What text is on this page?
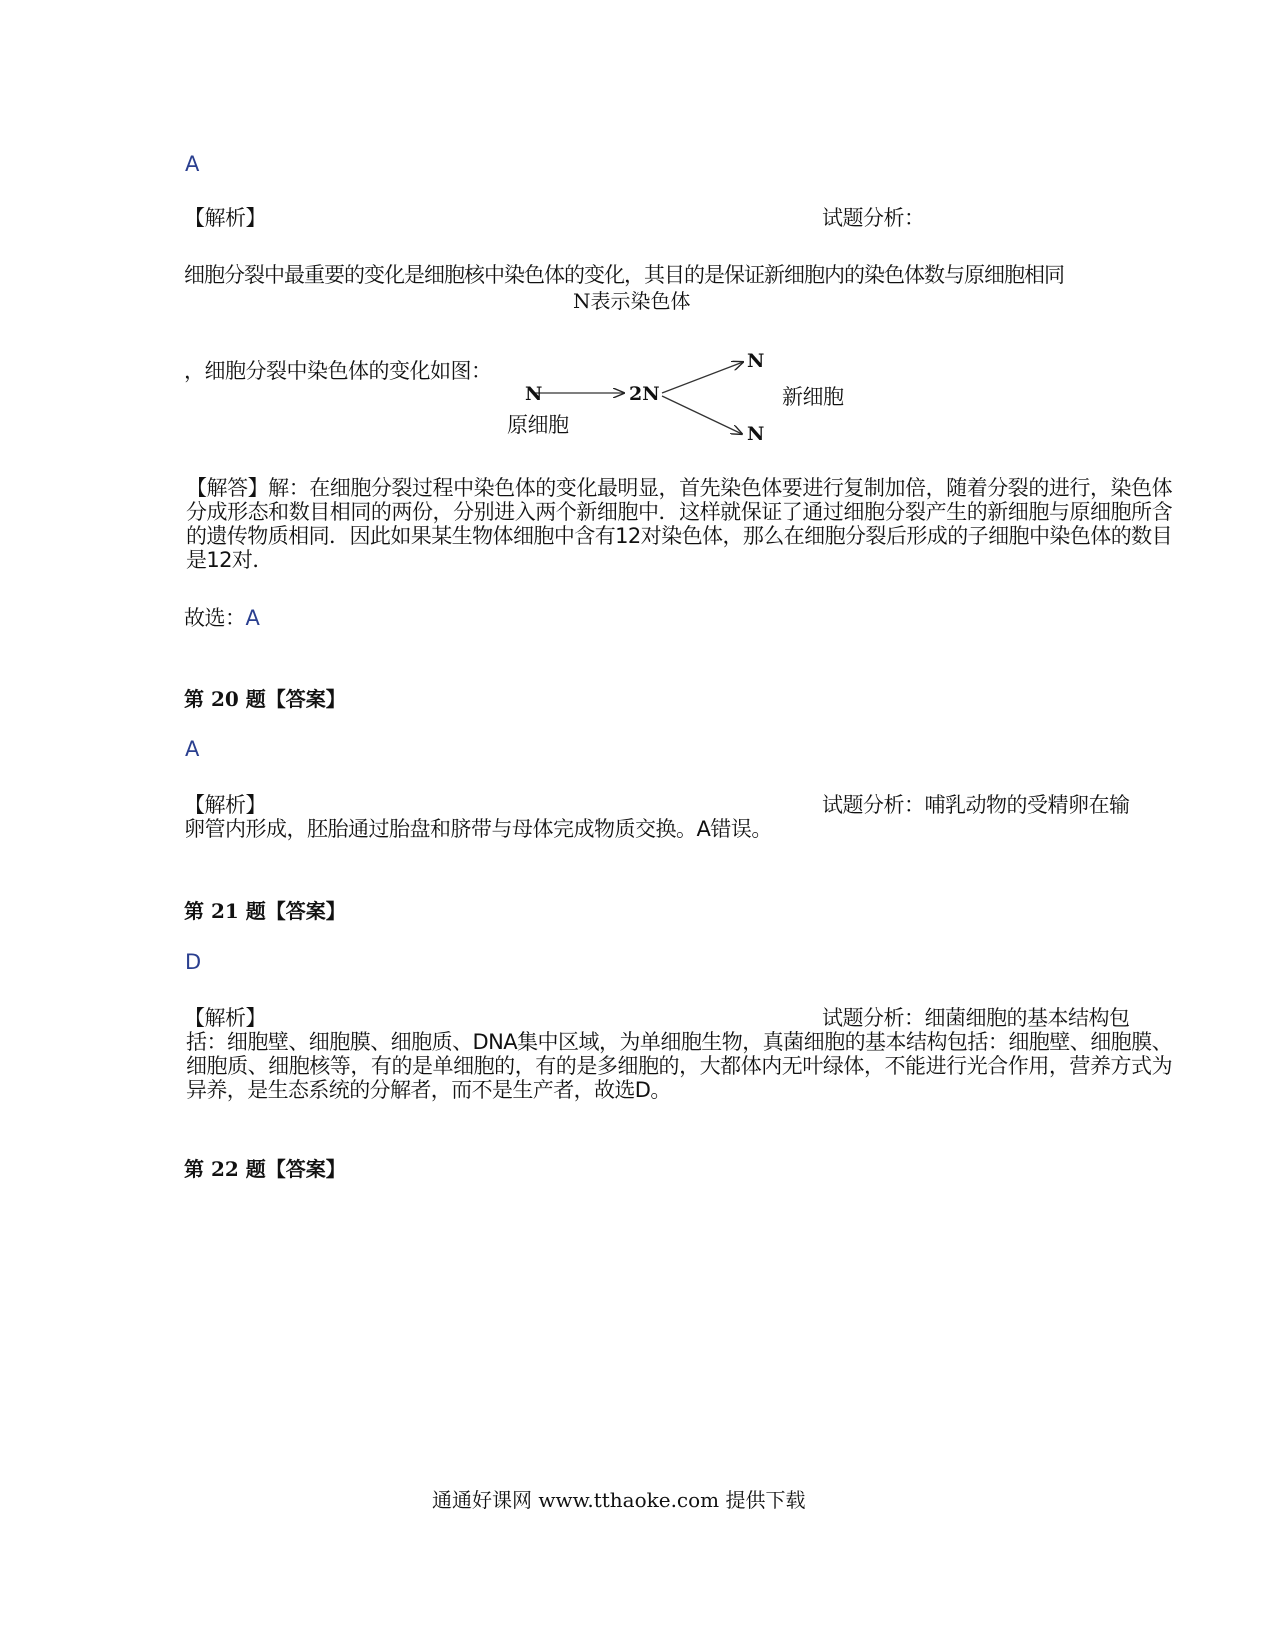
A
【解析】	试题分析：
细胞分裂中最重要的变化是细胞核中染色体的变化，其目的是保证新细胞内的染色体数与原细胞相同
N表示染色体
，细胞分裂中染色体的变化如图：
N	2N
N
N
原细胞
新细胞
【解答】解：在细胞分裂过程中染色体的变化最明显，首先染色体要进行复制加倍，随着分裂的进行，染色体分成形态和数目相同的两份，分别进入两个新细胞中．这样就保证了通过细胞分裂产生的新细胞与原细胞所含的遗传物质相同．因此如果某生物体细胞中含有12对染色体，那么在细胞分裂后形成的子细胞中染色体的数目是12对．
故选：A
第 20 题【答案】
A
【解析】	试题分析：哺乳动物的受精卵在输
卵管内形成，胚胎通过胎盘和脐带与母体完成物质交换。A错误。
第 21 题【答案】
D
【解析】	试题分析：细菌细胞的基本结构包
括：细胞壁、细胞膜、细胞质、DNA集中区域，为单细胞生物，真菌细胞的基本结构包括：细胞壁、细胞膜、细胞质、细胞核等，有的是单细胞的，有的是多细胞的，大都体内无叶绿体，不能进行光合作用，营养方式为异养，是生态系统的分解者，而不是生产者，故选D。
第 22 题【答案】
通通好课网 www.tthaoke.com 提供下载
